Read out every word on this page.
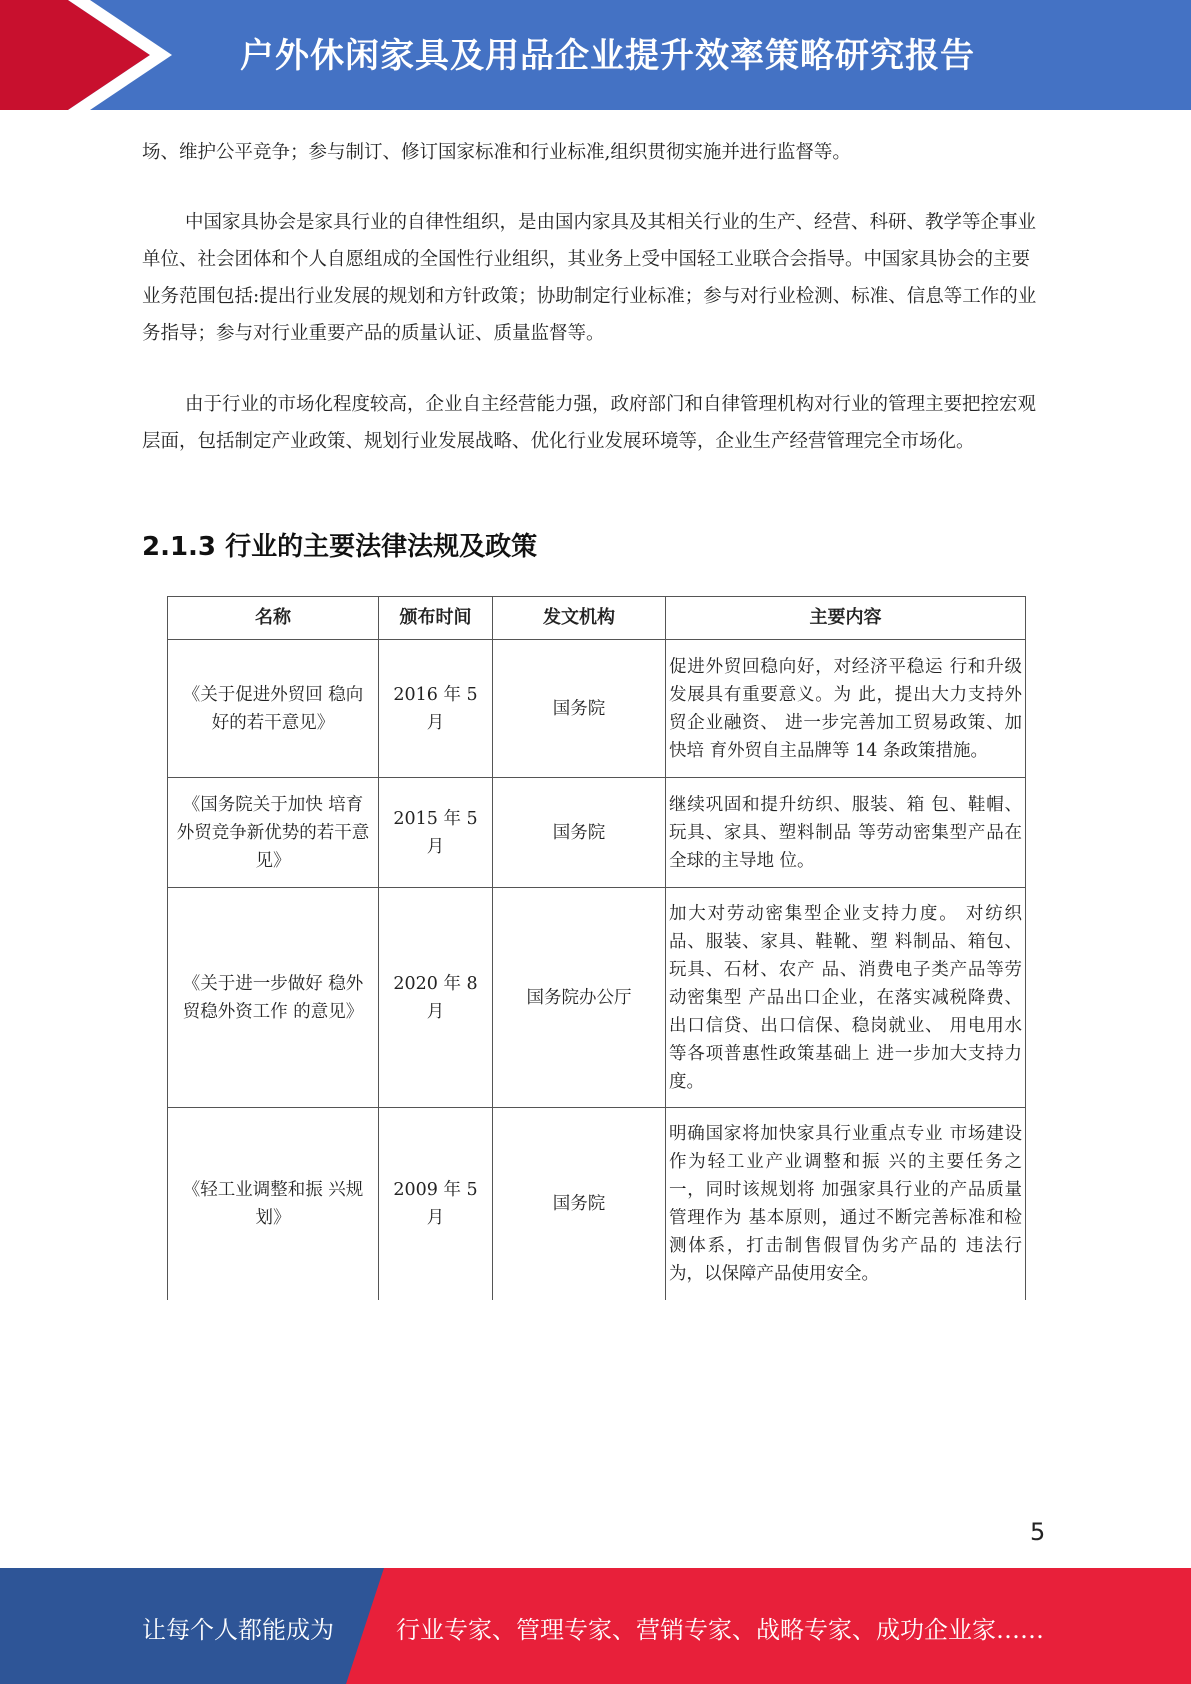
户外休闲家具及用品企业提升效率策略研究报告
场、维护公平竞争；参与制订、修订国家标准和行业标准,组织贯彻实施并进行监督等。
中国家具协会是家具行业的自律性组织，是由国内家具及其相关行业的生产、经营、科研、教学等企事业单位、社会团体和个人自愿组成的全国性行业组织，其业务上受中国轻工业联合会指导。中国家具协会的主要业务范围包括:提出行业发展的规划和方针政策；协助制定行业标准；参与对行业检测、标准、信息等工作的业务指导；参与对行业重要产品的质量认证、质量监督等。
由于行业的市场化程度较高，企业自主经营能力强，政府部门和自律管理机构对行业的管理主要把控宏观层面，包括制定产业政策、规划行业发展战略、优化行业发展环境等，企业生产经营管理完全市场化。
2.1.3 行业的主要法律法规及政策
名称	颁布时间	发文机构	主要内容
《关于促进外贸回 稳向好的若干意见》	2016 年 5 月	国务院	促进外贸回稳向好，对经济平稳运 行和升级发展具有重要意义。为 此，提出大力支持外贸企业融资、 进一步完善加工贸易政策、加快培 育外贸自主品牌等 14 条政策措施。
《国务院关于加快 培育外贸竞争新优势的若干意见》	2015 年 5 月	国务院	继续巩固和提升纺织、服装、箱 包、鞋帽、玩具、家具、塑料制品 等劳动密集型产品在全球的主导地 位。
《关于进一步做好 稳外贸稳外资工作 的意见》	2020 年 8 月	国务院办公厅	加大对劳动密集型企业支持力度。 对纺织品、服装、家具、鞋靴、塑 料制品、箱包、玩具、石材、农产 品、消费电子类产品等劳动密集型 产品出口企业，在落实减税降费、 出口信贷、出口信保、稳岗就业、 用电用水等各项普惠性政策基础上 进一步加大支持力度。
《轻工业调整和振 兴规划》	2009 年 5 月	国务院	明确国家将加快家具行业重点专业 市场建设作为轻工业产业调整和振 兴的主要任务之一，同时该规划将 加强家具行业的产品质量管理作为 基本原则，通过不断完善标准和检 测体系，打击制售假冒伪劣产品的 违法行为，以保障产品使用安全。
5
让每个人都能成为	行业专家、管理专家、营销专家、战略专家、成功企业家……
